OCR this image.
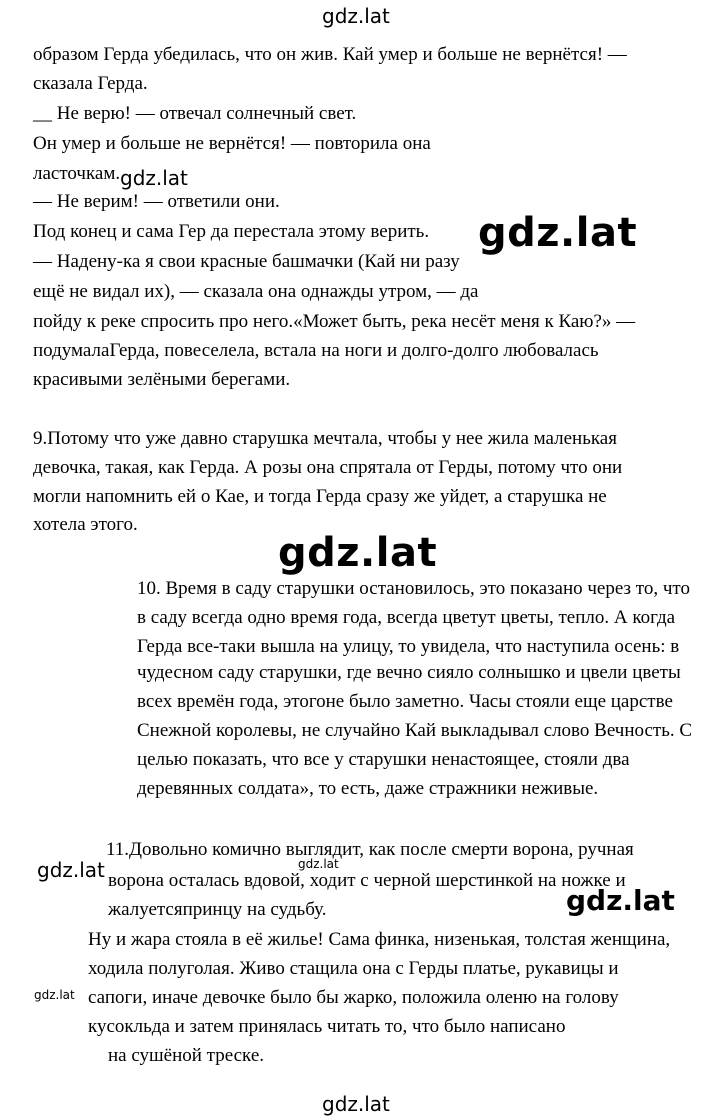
gdz.lat
gdz.lat
gdz.lat
gdz.lat
gdz.lat	gdz.lat
gdz.lat
gdz.lat
gdz.lat
образом Герда убедилась, что он жив. Кай умер и больше не вернётся! —
сказала Герда.
__ Не верю! — отвечал солнечный свет.
Он умер и больше не вернётся! — повторила она
ласточкам.
— Не верим! — ответили они.
Под конец и сама Гер да перестала этому верить.
— Надену-ка я свои красные башмачки (Кай ни разу
ещё не видал их), — сказала она однажды утром, — да
пойду к реке спросить про него.«Может быть, река несёт меня к Каю?» —
подумалаГерда, повеселела, встала на ноги и долго-долго любовалась
красивыми зелёными берегами.
9.Потому что уже давно старушка мечтала, чтобы у нее жила маленькая
девочка, такая, как Герда. А розы она спрятала от Герды, потому что они
могли напомнить ей о Кае, и тогда Герда сразу же уйдет, а старушка не
хотела этого.
10. Время в саду старушки остановилось, это показано через то, что
в саду всегда одно время года, всегда цветут цветы, тепло. А когда
Герда все-таки вышла на улицу, то увидела, что наступила осень: в
чудесном саду старушки, где вечно сияло солнышко и цвели цветы
всех времён года, этогоне было заметно. Часы стояли еще царстве
Снежной королевы, не случайно Кай выкладывал слово Вечность. С
целью показать, что все у старушки ненастоящее, стояли два
деревянных солдата», то есть, даже стражники неживые.
11.Довольно комично выглядит, как после смерти ворона, ручная
ворона осталась вдовой, ходит с черной шерстинкой на ножке и
жалуетсяпринцу на судьбу.
Ну и жара стояла в её жилье! Сама финка, низенькая, толстая женщина,
ходила полуголая. Живо стащила она с Герды платье, рукавицы и
сапоги, иначе девочке было бы жарко, положила оленю на голову
кусокльда и затем принялась читать то, что было написано
на сушёной треске.
